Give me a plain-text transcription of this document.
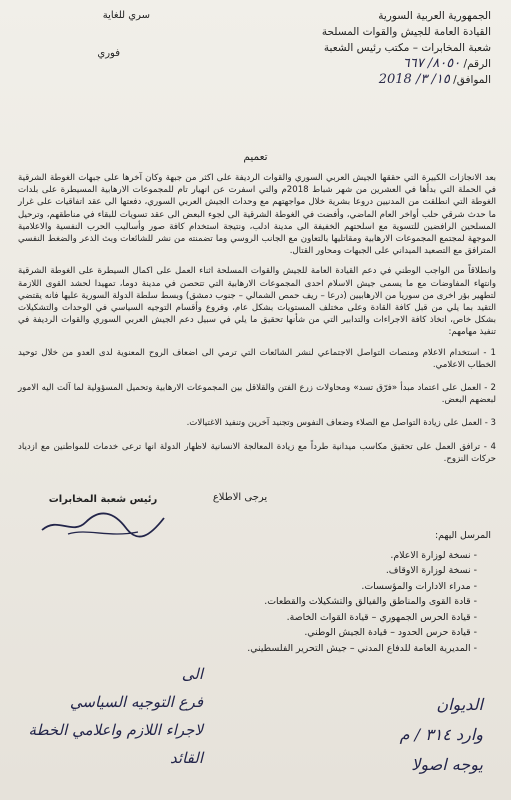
الجمهورية العربية السورية
القيادة العامة للجيش والقوات المسلحة
شعبة المخابرات – مكتب رئيس الشعبة
الرقم/ ٨٠٥٠/ ٦٦٧
الموافق/ ١٥/ ٣/ 2018
سري للغاية
فوري
تعميم

بعد الانجازات الكبيرة التي حققها الجيش العربي السوري والقوات الرديفة على اكثر من جبهة وكان آخرها على جبهات الغوطة الشرقية في الحملة التي بدأها في العشرين من شهر شباط 2018م والتي اسفرت عن انهيار تام للمجموعات الارهابية المسيطرة على بلدات الغوطة التي انطلقت من المدنيين دروعا بشرية خلال مواجهتهم مع وحدات الجيش العربي السوري، دفعتها الى عقد اتفاقيات على غرار ما حدث شرقي حلب أواخر العام الماضي، وأفضت في الغوطة الشرقية الى لجوء البعض الى عقد تسويات للبقاء في مناطقهم، وترحيل المسلحين الرافضين للتسوية مع اسلحتهم الخفيفة الى مدينة ادلب، ونتيجة استخدام كافة صور وأساليب الحرب النفسية والاعلامية الموجهة لمجتمع المجموعات الارهابية ومقاتليها بالتعاون مع الجانب الروسي وما تضمنته من نشر للشائعات وبث الذعر والضغط النفسي المترافق مع التصعيد الميداني على الجبهات ومحاور القتال.

وانطلاقاً من الواجب الوطني في دعم القيادة العامة للجيش والقوات المسلحة اثناء العمل على اكمال السيطرة على الغوطة الشرقية وانتهاء المفاوضات مع ما يسمى جيش الاسلام احدى المجموعات الارهابية التي تتحصن في مدينة دوما، تمهيدا لحشد القوى اللازمة لتطهير بؤر اخرى من سوريا من الارهابيين (درعا – ريف حمص الشمالي – جنوب دمشق) وبسط سلطة الدولة السورية عليها فانه يقتضي التقيد بما يلي من قبل كافة القادة وعلى مختلف المستويات بشكل عام، وفروع وأقسام التوجيه السياسي في الوحدات والتشكيلات بشكل خاص، اتخاذ كافة الاجراءات والتدابير التي من شأنها تحقيق ما يلي في سبيل دعم الجيش العربي السوري والقوات الرديفة في تنفيذ مهامهم:

1 - استخدام الاعلام ومنصات التواصل الاجتماعي لنشر الشائعات التي ترمي الى اضعاف الروح المعنوية لدى العدو من خلال توحيد الخطاب الاعلامي.

2 - العمل على اعتماد مبدأ «فرّق تسد» ومحاولات زرع الفتن والقلاقل بين المجموعات الارهابية وتحميل المسؤولية لما آلت اليه الامور لبعضهم البعض.

3 - العمل على زيادة التواصل مع الصلاء وضعاف النفوس وتجنيد آخرين وتنفيذ الاغتيالات.

4 - ترافق العمل على تحقيق مكاسب ميدانية طرداً مع زيادة المعالجة الانسانية لاظهار الدولة انها ترعى خدمات للمواطنين مع ازدياد حركات النزوح.

يرجى الاطلاع
رئيس شعبة المخابرات
المرسل اليهم:
- نسخة لوزارة الاعلام.
- نسخة لوزارة الاوقاف.
- مدراء الادارات والمؤسسات.
- قادة القوى والمناطق والفيالق والتشكيلات والقطعات.
- قيادة الحرس الجمهوري – قيادة القوات الخاصة.
- قيادة حرس الحدود – قيادة الجيش الوطني.
- المديرية العامة للدفاع المدني – جيش التحرير الفلسطيني.
الى
فرع التوجيه السياسي
لاجراء اللازم واعلامي الخطة
القائد
الديوان
وارد ٣١٤ / م
يوجه اصولا
